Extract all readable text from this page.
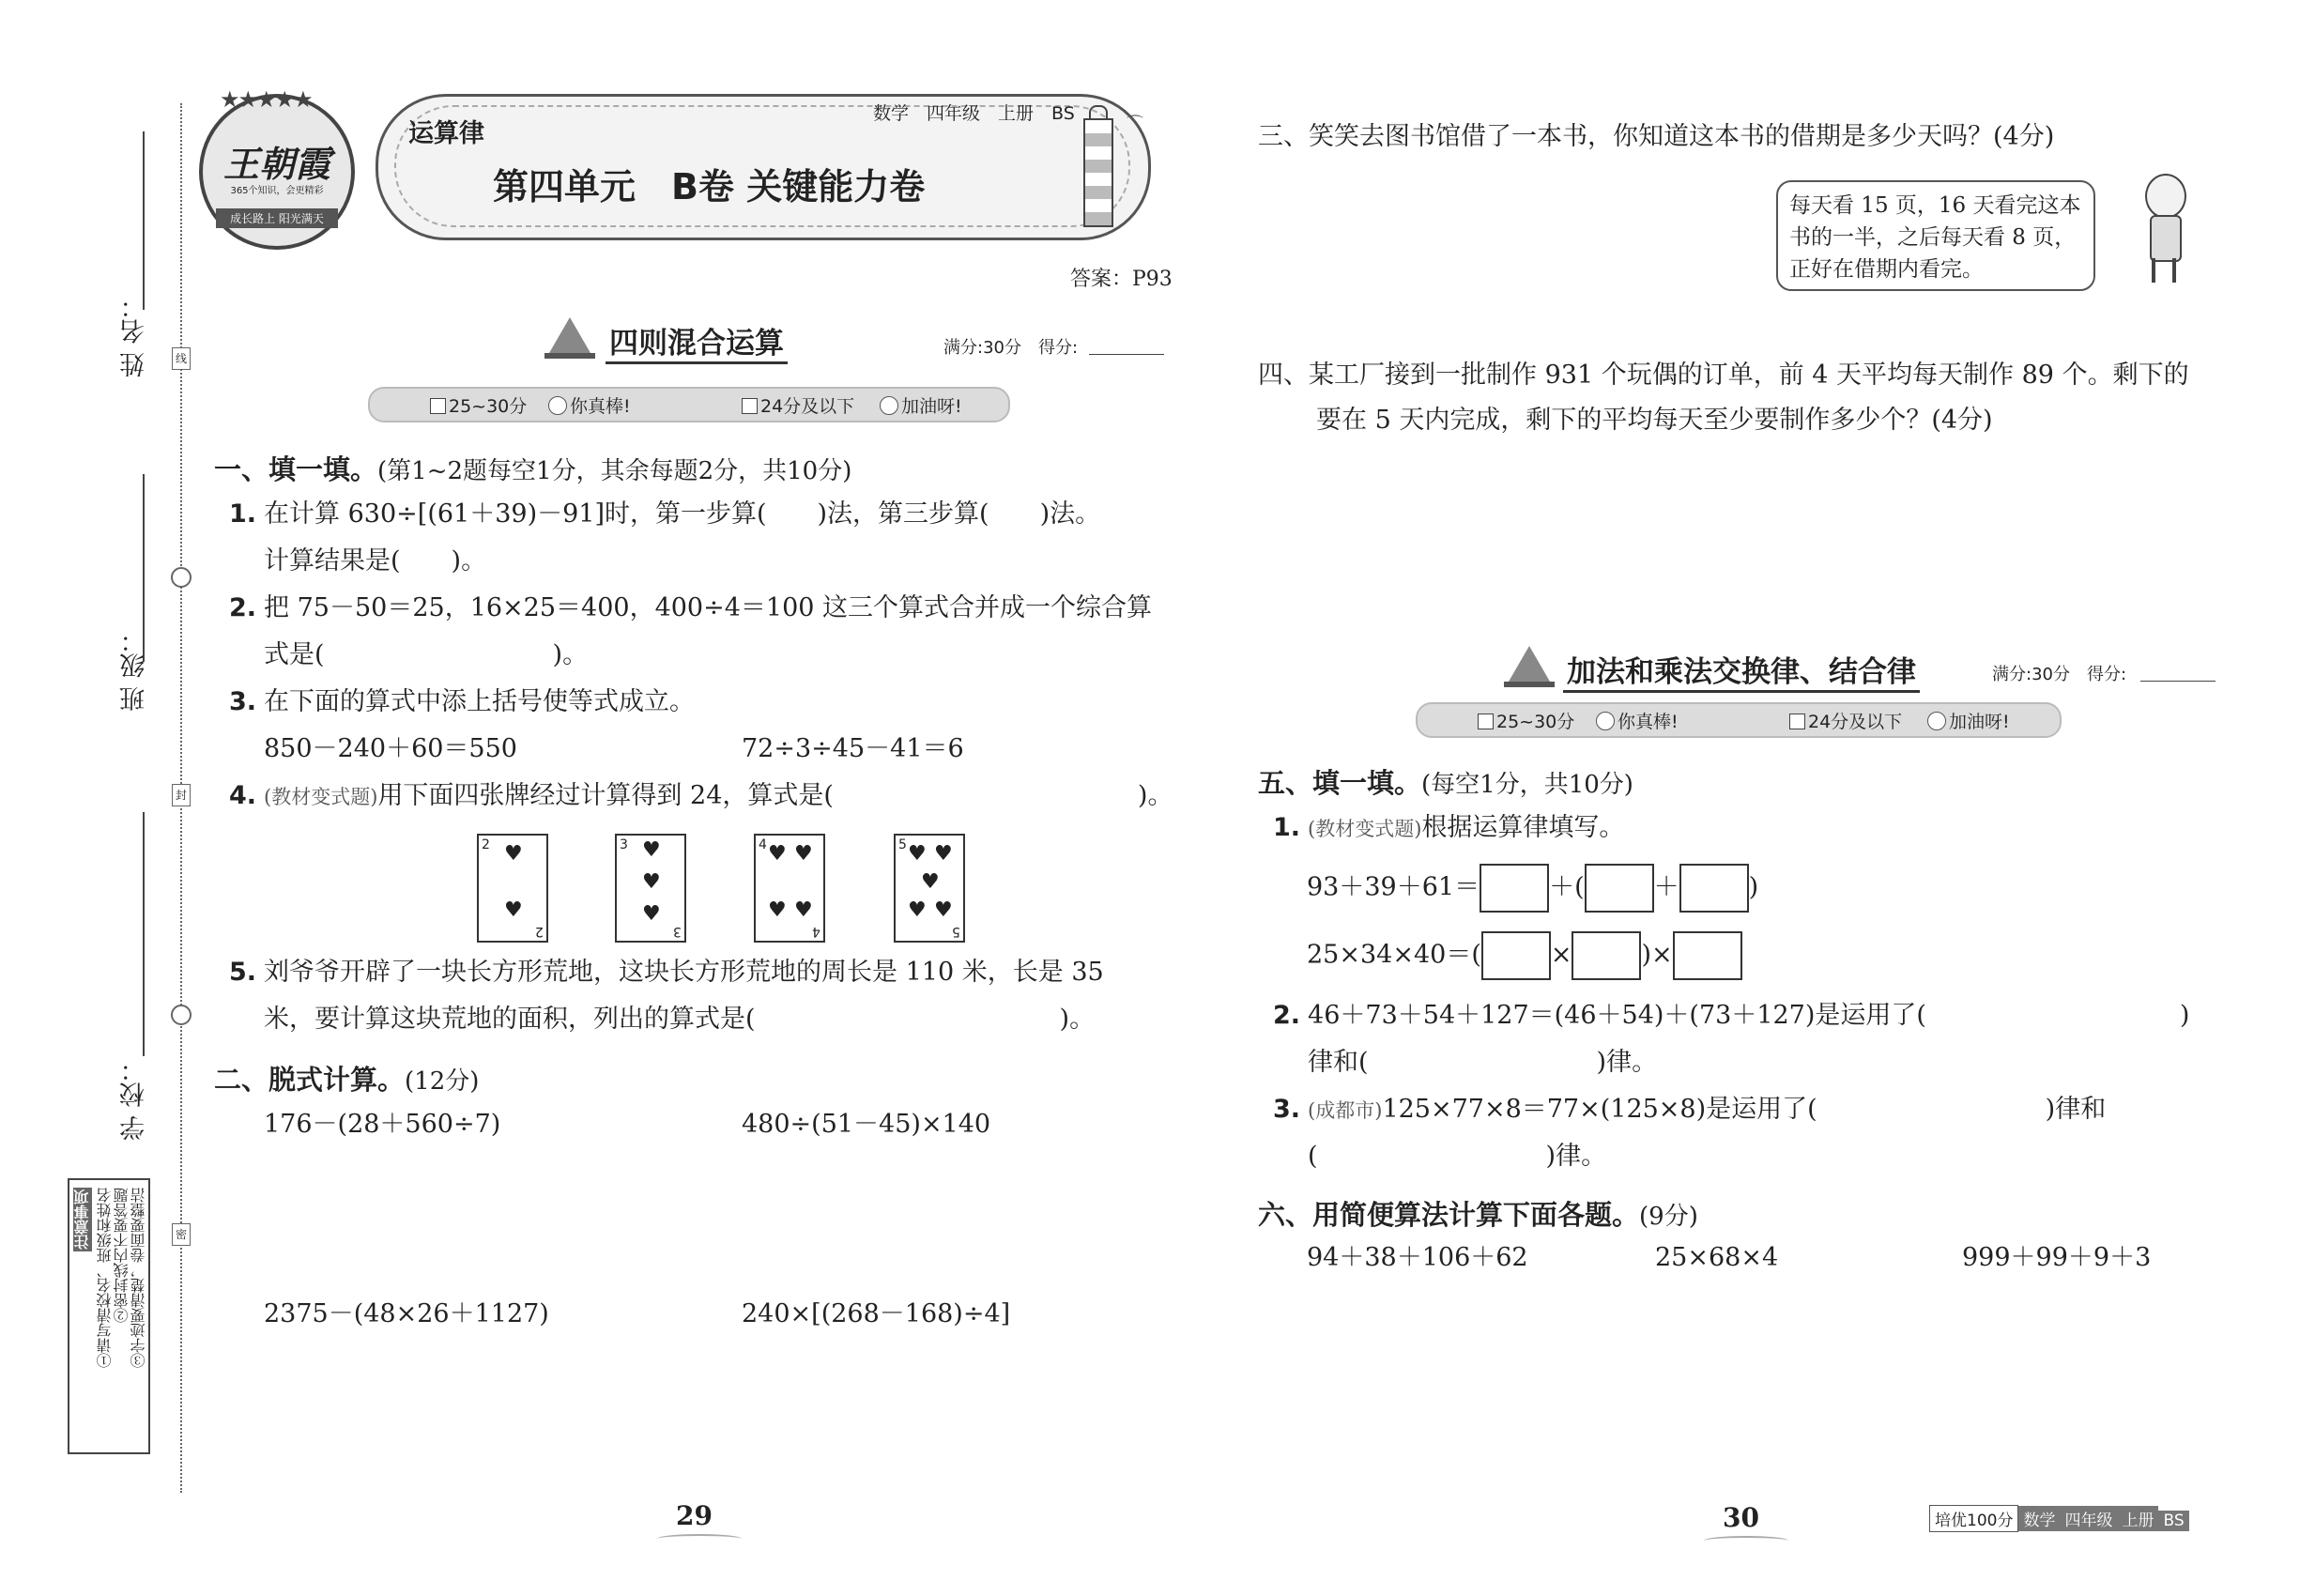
姓 名：
班 级：
学 校：
线
封
密
注意事项 ①请写清校名、班级和姓名 ②密封线内不要答题 ③字迹要清楚，卷面要整洁
★★★★★
王朝霞
365个知识，会更精彩
成长路上 阳光满天
运算律
数学　四年级　上册　BS
第四单元　B卷 关键能力卷
⌒
答案：P93
四则混合运算	满分:30分　得分:
25~30分	你真棒!	24分及以下	加油呀!
一、填一填。(第1~2题每空1分，其余每题2分，共10分)
1. 在计算 630÷[(61＋39)－91]时，第一步算(　　)法，第三步算(　　)法。
计算结果是(　　)。
2. 把 75－50＝25，16×25＝400，400÷4＝100 这三个算式合并成一个综合算
式是(　　　　　　　　　)。
3. 在下面的算式中添上括号使等式成立。
850－240＋60＝550	72÷3÷45－41＝6
4. (教材变式题)用下面四张牌经过计算得到 24，算式是(　　　　　　　　　　　　)。
2
2
♥
♥
3
3
♥
♥
♥
4
4
♥ ♥
♥ ♥
5
5
♥ ♥
♥
♥ ♥
5. 刘爷爷开辟了一块长方形荒地，这块长方形荒地的周长是 110 米，长是 35
米，要计算这块荒地的面积，列出的算式是(　　　　　　　　　　　　)。
二、脱式计算。(12分)
176－(28＋560÷7)	480÷(51－45)×140
2375－(48×26＋1127)	240×[(268－168)÷4]
29
三、笑笑去图书馆借了一本书，你知道这本书的借期是多少天吗？(4分)
每天看 15 页，16 天看完这本书的一半，之后每天看 8 页，正好在借期内看完。
四、某工厂接到一批制作 931 个玩偶的订单，前 4 天平均每天制作 89 个。剩下的
要在 5 天内完成，剩下的平均每天至少要制作多少个？(4分)
加法和乘法交换律、结合律	满分:30分　得分:
25~30分	你真棒!	24分及以下	加油呀!
五、填一填。(每空1分，共10分)
1. (教材变式题)根据运算律填写。
93＋39＋61＝	＋(	＋	)
25×34×40＝(	×	)×
2. 46＋73＋54＋127＝(46＋54)＋(73＋127)是运用了(　　　　　　　　　　)
律和(　　　　　　　　　)律。
3. (成都市)125×77×8＝77×(125×8)是运用了(　　　　　　　　　)律和
(　　　　　　　　　)律。
六、用简便算法计算下面各题。(9分)
94＋38＋106＋62	25×68×4	999＋99＋9＋3
30	培优100分 数学 四年级 上册 BS
